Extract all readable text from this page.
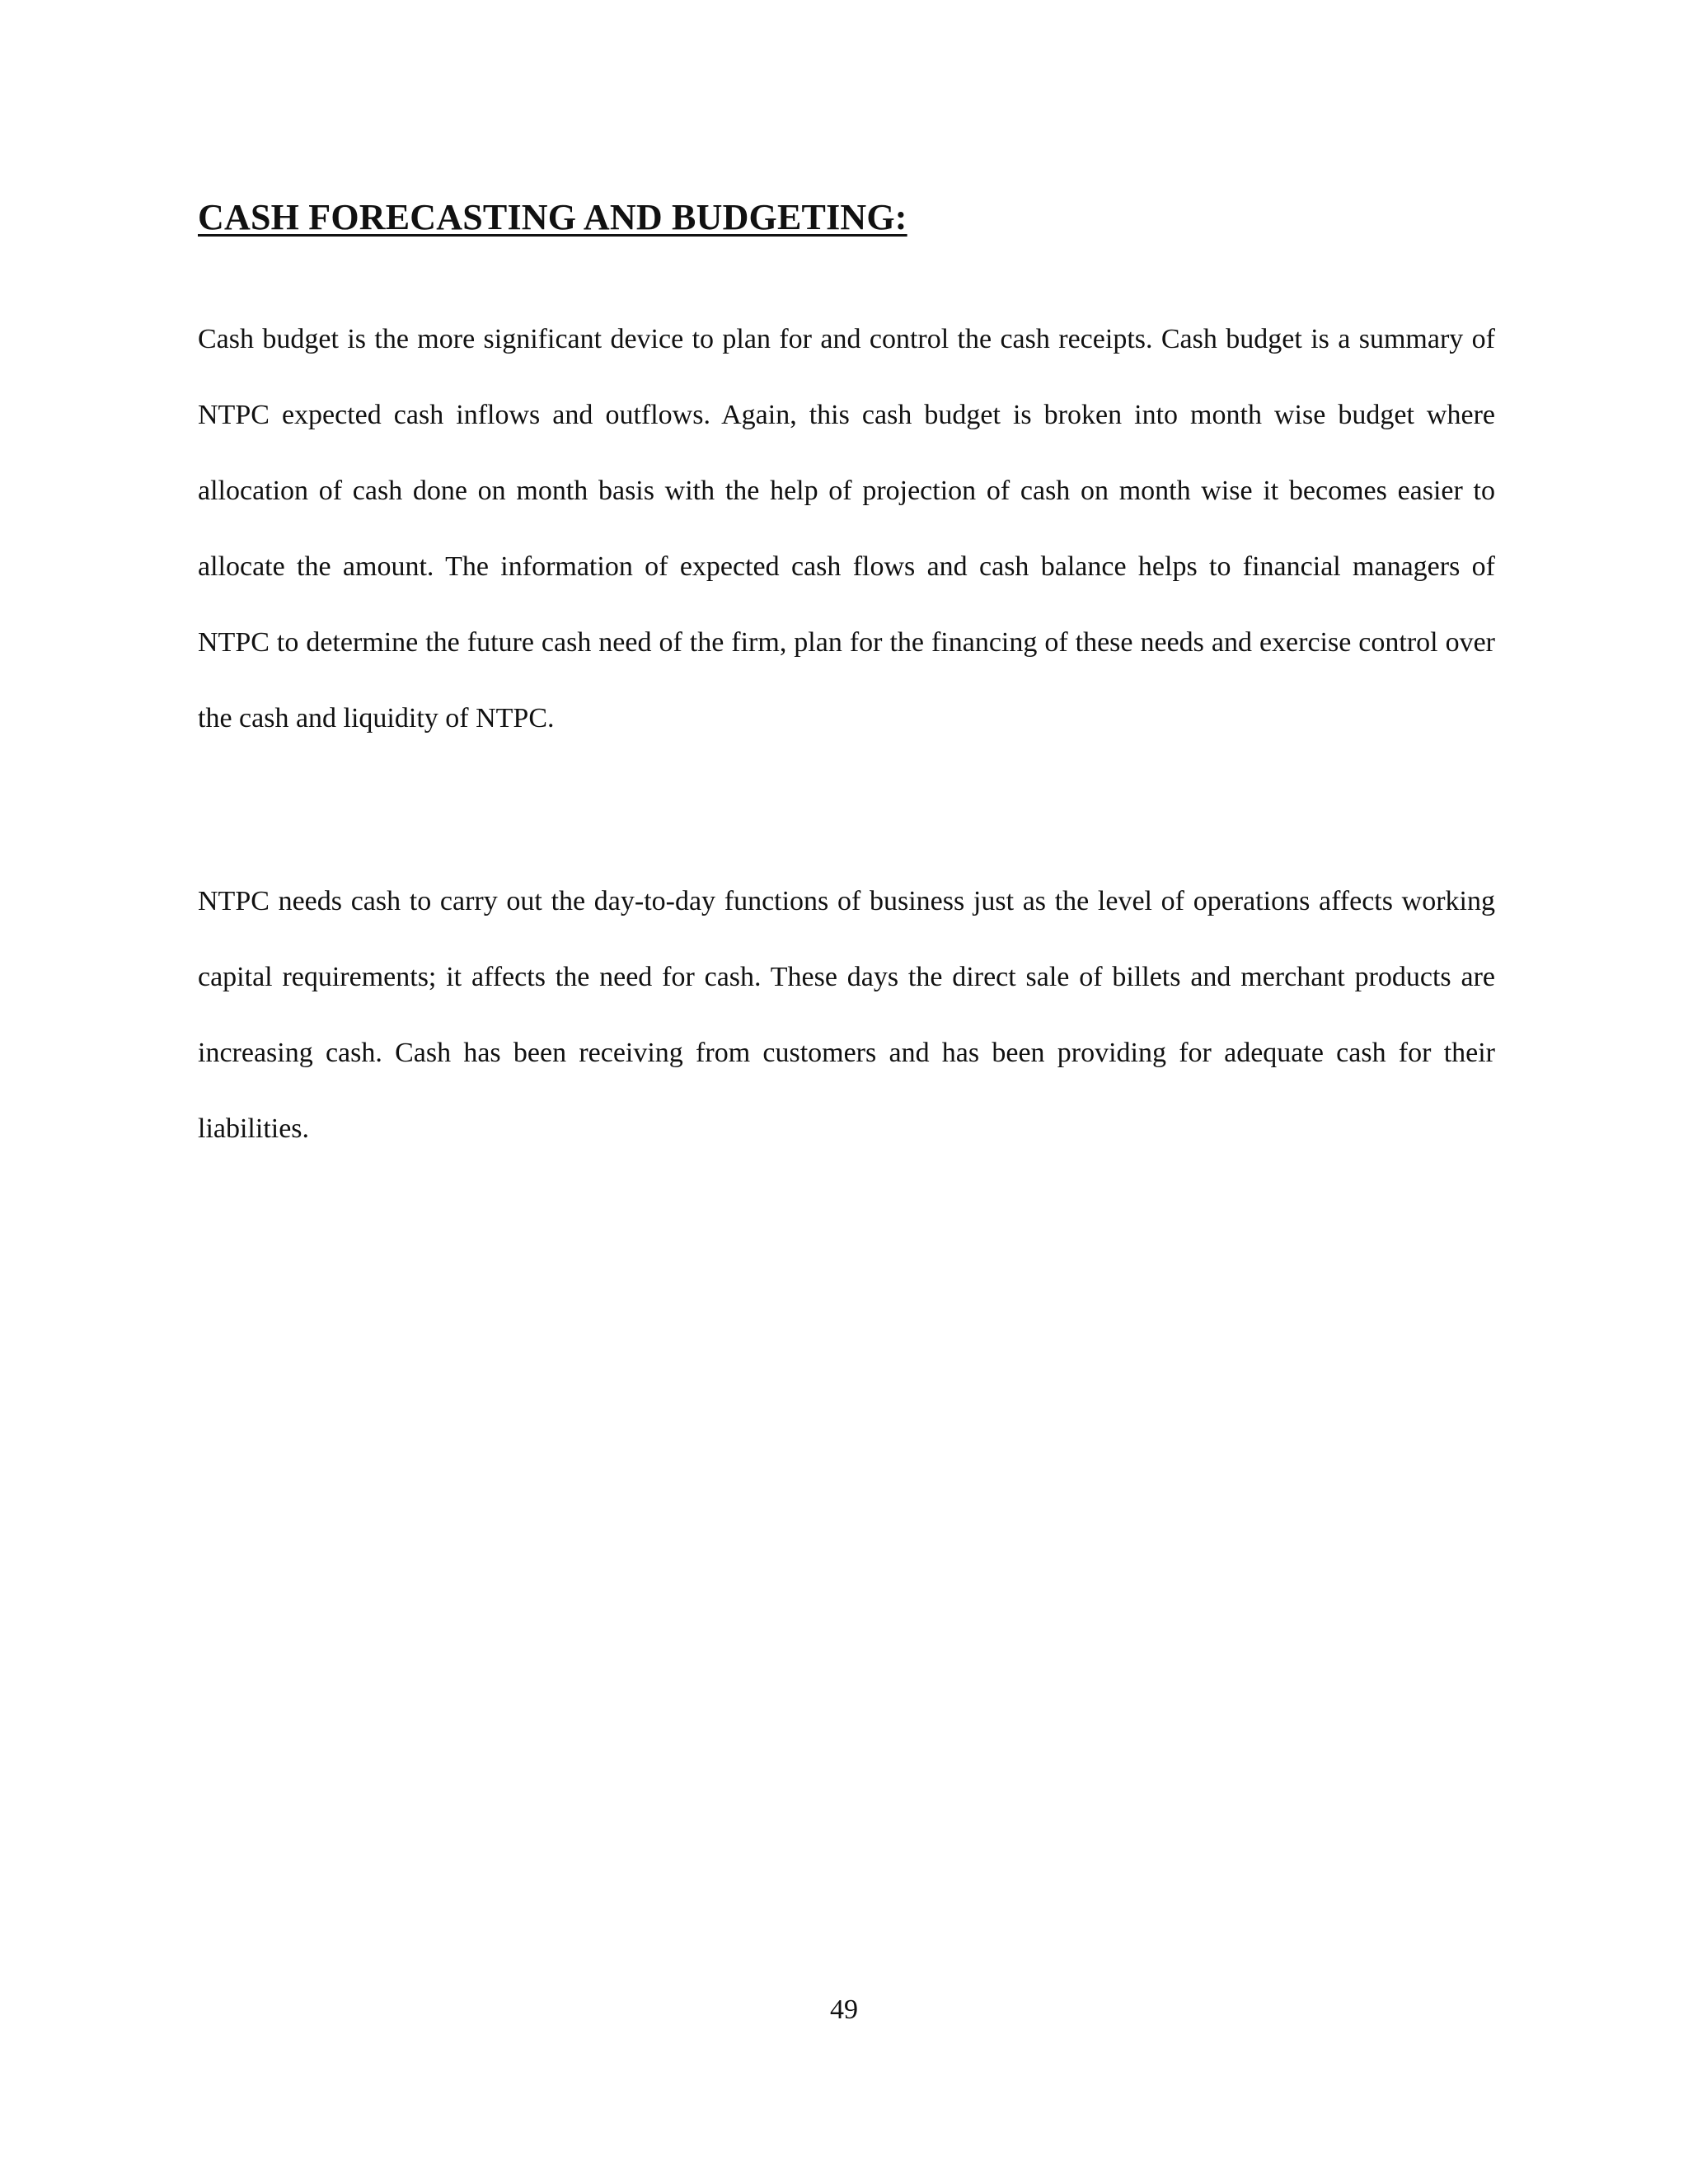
CASH FORECASTING AND BUDGETING:

Cash budget is the more significant device to plan for and control the cash receipts. Cash budget is a summary of NTPC expected cash inflows and outflows. Again, this cash budget is broken into month wise budget where allocation of cash done on month basis with the help of projection of cash on month wise it becomes easier to allocate the amount. The information of expected cash flows and cash balance helps to financial managers of NTPC to determine the future cash need of the firm, plan for the financing of these needs and exercise control over the cash and liquidity of NTPC.

NTPC needs cash to carry out the day-to-day functions of business just as the level of operations affects working capital requirements; it affects the need for cash. These days the direct sale of billets and merchant products are increasing cash. Cash has been receiving from customers and has been providing for adequate cash for their liabilities.

49
